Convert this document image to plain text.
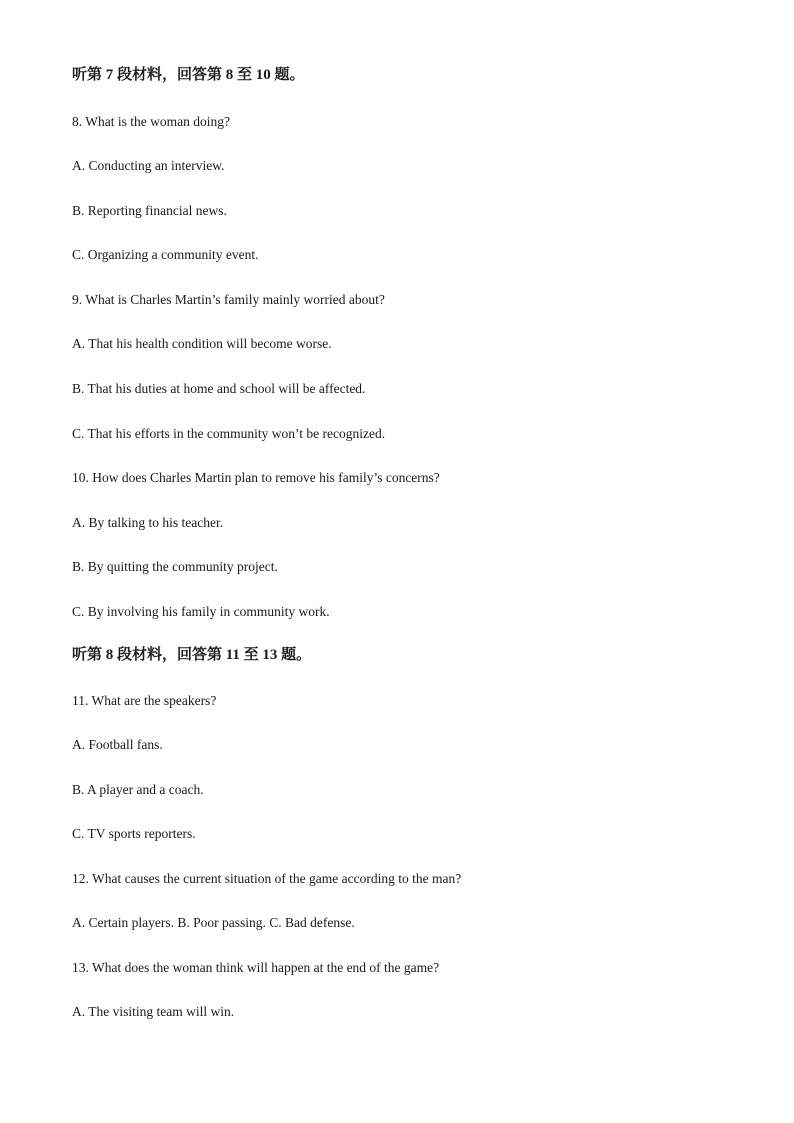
听第 7 段材料，回答第 8 至 10 题。
8. What is the woman doing?
A. Conducting an interview.
B. Reporting financial news.
C. Organizing a community event.
9. What is Charles Martin’s family mainly worried about?
A. That his health condition will become worse.
B. That his duties at home and school will be affected.
C. That his efforts in the community won’t be recognized.
10. How does Charles Martin plan to remove his family’s concerns?
A. By talking to his teacher.
B. By quitting the community project.
C. By involving his family in community work.
听第 8 段材料，回答第 11 至 13 题。
11. What are the speakers?
A. Football fans.
B. A player and a coach.
C. TV sports reporters.
12. What causes the current situation of the game according to the man?
A. Certain players. B. Poor passing. C. Bad defense.
13. What does the woman think will happen at the end of the game?
A. The visiting team will win.
